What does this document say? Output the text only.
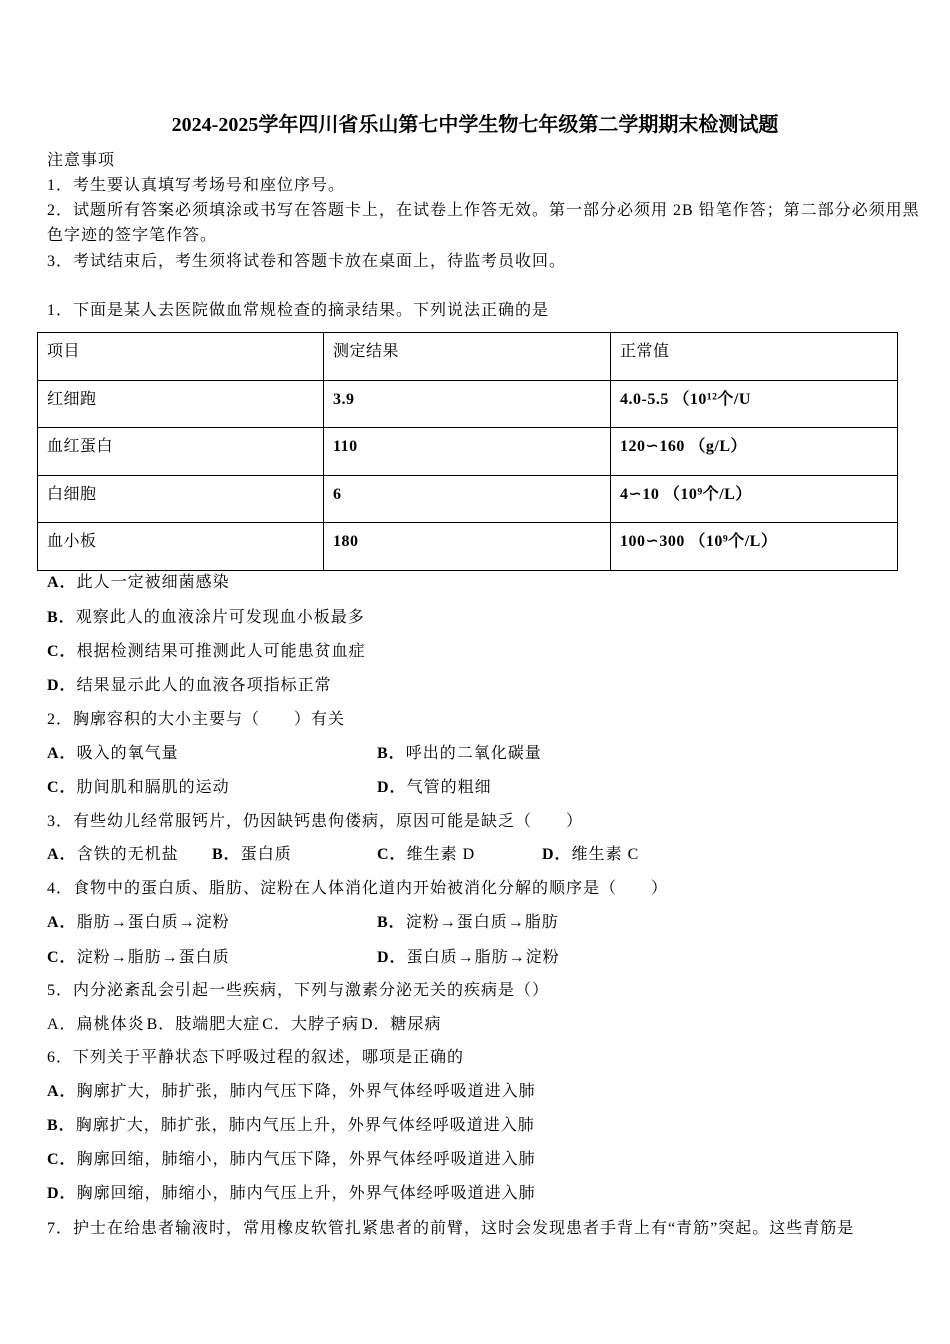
2024-2025学年四川省乐山第七中学生物七年级第二学期期末检测试题
注意事项
1．考生要认真填写考场号和座位序号。
2．试题所有答案必须填涂或书写在答题卡上，在试卷上作答无效。第一部分必须用 2B 铅笔作答；第二部分必须用黑
色字迹的签字笔作答。
3．考试结束后，考生须将试卷和答题卡放在桌面上，待监考员收回。
1．下面是某人去医院做血常规检查的摘录结果。下列说法正确的是
项目	测定结果	正常值
红细跑	3.9	4.0-5.5 （10¹²个/U
血红蛋白	110	120∽160 （g/L）
白细胞	6	4∽10 （10⁹个/L）
血小板	180	100∽300 （10⁹个/L）
A．此人一定被细菌感染
B．观察此人的血液涂片可发现血小板最多
C．根据检测结果可推测此人可能患贫血症
D．结果显示此人的血液各项指标正常
2．胸廓容积的大小主要与（　　）有关
A．吸入的氧气量	B．呼出的二氧化碳量
C．肋间肌和膈肌的运动	D．气管的粗细
3．有些幼儿经常服钙片，仍因缺钙患佝偻病，原因可能是缺乏（　　）
A．含铁的无机盐 B．蛋白质	C．维生素 D	D．维生素 C
4．食物中的蛋白质、脂肪、淀粉在人体消化道内开始被消化分解的顺序是（　　）
A．脂肪→蛋白质→淀粉	B．淀粉→蛋白质→脂肪
C．淀粉→脂肪→蛋白质	D．蛋白质→脂肪→淀粉
5．内分泌紊乱会引起一些疾病，下列与激素分泌无关的疾病是（）
A．扁桃体炎 B．肢端肥大症 C．大脖子病 D．糖尿病
6．下列关于平静状态下呼吸过程的叙述，哪项是正确的
A．胸廓扩大，肺扩张，肺内气压下降，外界气体经呼吸道进入肺
B．胸廓扩大，肺扩张，肺内气压上升，外界气体经呼吸道进入肺
C．胸廓回缩，肺缩小，肺内气压下降，外界气体经呼吸道进入肺
D．胸廓回缩，肺缩小，肺内气压上升，外界气体经呼吸道进入肺
7．护士在给患者输液时，常用橡皮软管扎紧患者的前臂，这时会发现患者手背上有“青筋”突起。这些青筋是
